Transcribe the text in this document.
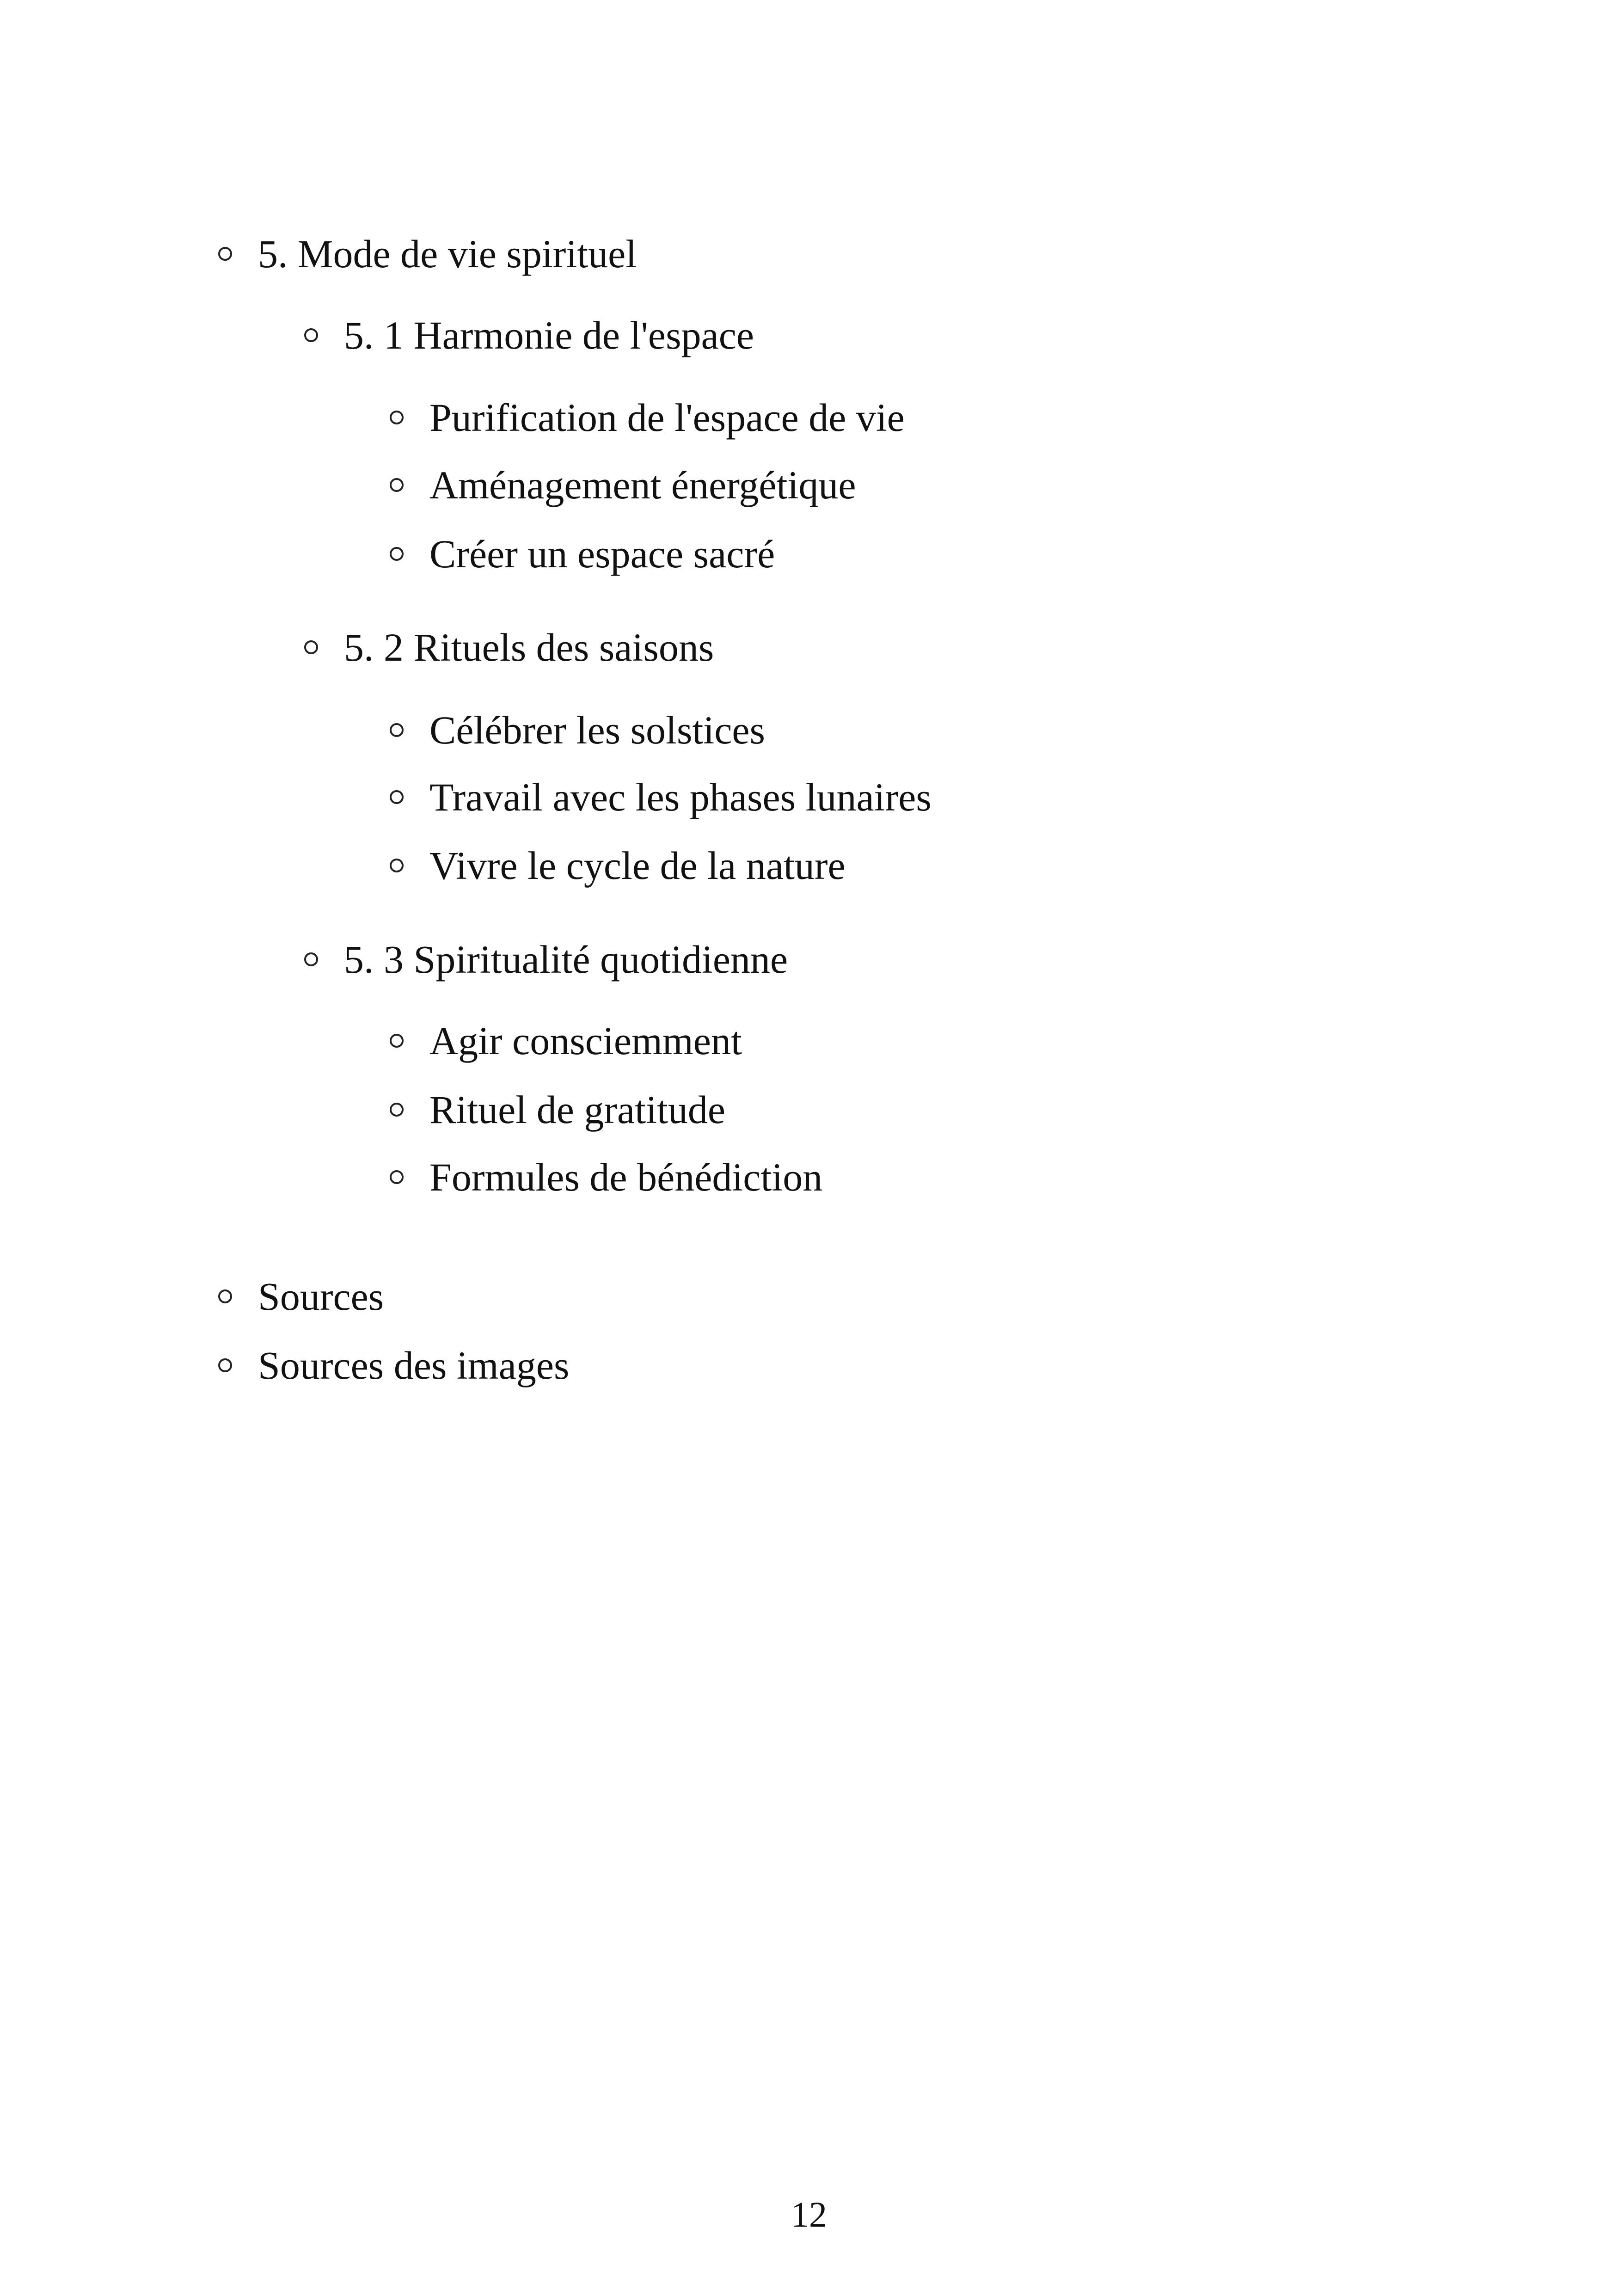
5. Mode de vie spirituel
5. 1 Harmonie de l'espace
Purification de l'espace de vie
Aménagement énergétique
Créer un espace sacré
5. 2 Rituels des saisons
Célébrer les solstices
Travail avec les phases lunaires
Vivre le cycle de la nature
5. 3 Spiritualité quotidienne
Agir consciemment
Rituel de gratitude
Formules de bénédiction
Sources
Sources des images
12
